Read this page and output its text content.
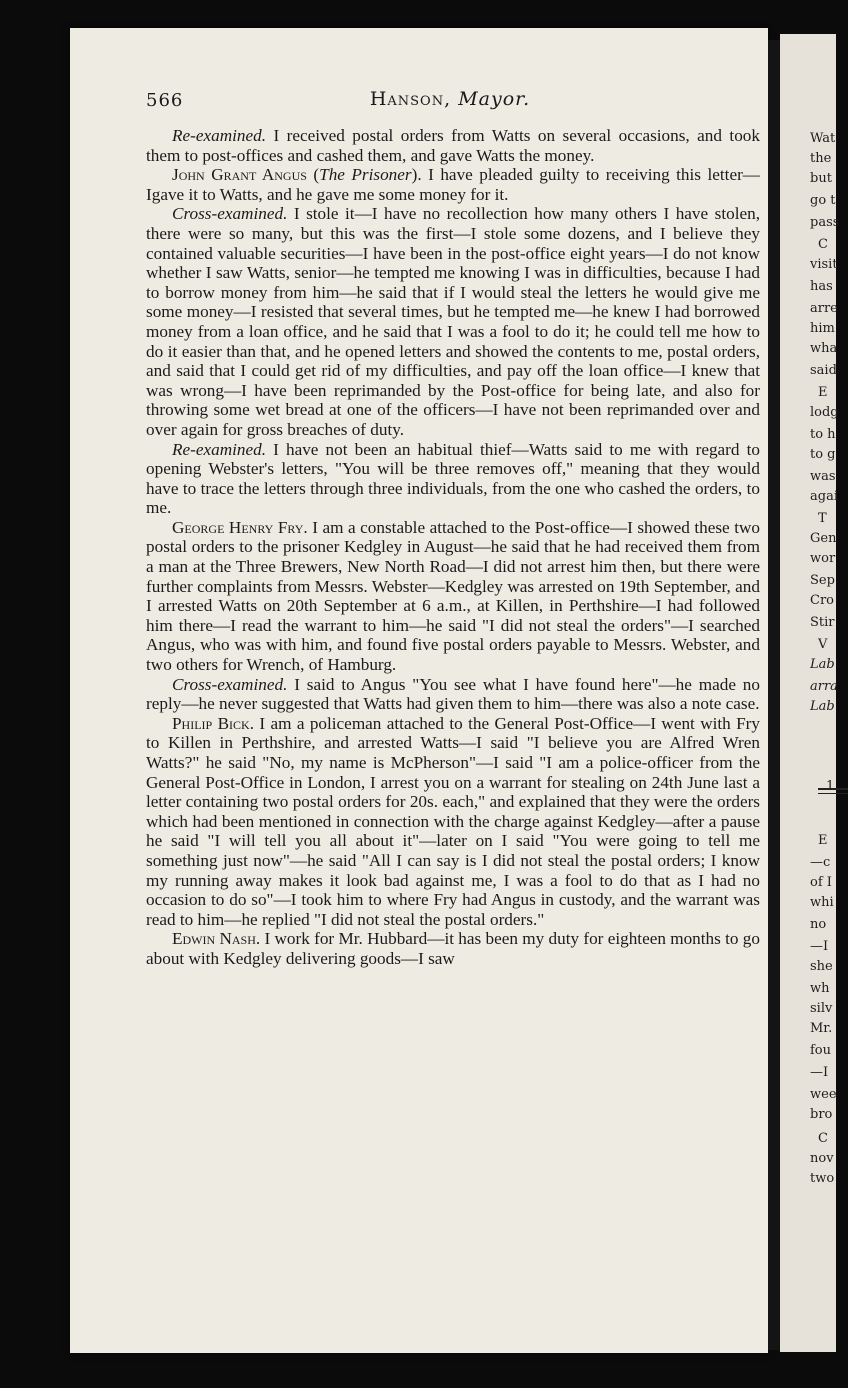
Wat
the
but
go t
pass
C
visit
has
arre
him
wha
said
E
lodg
to h
to g
was
agai
T
Gen
wor
Sep
Cro
Stir
V
Lab
arra
Lab
1
E
—c
of I
whi
no
—I
she
wh
silv
Mr.
fou
—I
wee
bro
C
nov
two
566	Hanson, Mayor.

Re-examined. I received postal orders from Watts on several occasions, and took them to post-offices and cashed them, and gave Watts the money.

John Grant Angus (The Prisoner). I have pleaded guilty to receiving this letter—Igave it to Watts, and he gave me some money for it.

Cross-examined. I stole it—I have no recollection how many others I have stolen, there were so many, but this was the first—I stole some dozens, and I believe they contained valuable securities—I have been in the post-office eight years—I do not know whether I saw Watts, senior—he tempted me knowing I was in difficulties, because I had to borrow money from him—he said that if I would steal the letters he would give me some money—I resisted that several times, but he tempted me—he knew I had borrowed money from a loan office, and he said that I was a fool to do it; he could tell me how to do it easier than that, and he opened letters and showed the contents to me, postal orders, and said that I could get rid of my difficulties, and pay off the loan office—I knew that was wrong—I have been reprimanded by the Post-office for being late, and also for throwing some wet bread at one of the officers—I have not been reprimanded over and over again for gross breaches of duty.

Re-examined. I have not been an habitual thief—Watts said to me with regard to opening Webster's letters, "You will be three removes off," meaning that they would have to trace the letters through three individuals, from the one who cashed the orders, to me.

George Henry Fry. I am a constable attached to the Post-office—I showed these two postal orders to the prisoner Kedgley in August—he said that he had received them from a man at the Three Brewers, New North Road—I did not arrest him then, but there were further complaints from Messrs. Webster—Kedgley was arrested on 19th September, and I arrested Watts on 20th September at 6 a.m., at Killen, in Perthshire—I had followed him there—I read the warrant to him—he said "I did not steal the orders"—I searched Angus, who was with him, and found five postal orders payable to Messrs. Webster, and two others for Wrench, of Hamburg.

Cross-examined. I said to Angus "You see what I have found here"—he made no reply—he never suggested that Watts had given them to him—there was also a note case.

Philip Bick. I am a policeman attached to the General Post-Office—I went with Fry to Killen in Perthshire, and arrested Watts—I said "I believe you are Alfred Wren Watts?" he said "No, my name is McPherson"—I said "I am a police-officer from the General Post-Office in London, I arrest you on a warrant for stealing on 24th June last a letter containing two postal orders for 20s. each," and explained that they were the orders which had been mentioned in connection with the charge against Kedgley—after a pause he said "I will tell you all about it"—later on I said "You were going to tell me something just now"—he said "All I can say is I did not steal the postal orders; I know my running away makes it look bad against me, I was a fool to do that as I had no occasion to do so"—I took him to where Fry had Angus in custody, and the warrant was read to him—he replied "I did not steal the postal orders."

Edwin Nash. I work for Mr. Hubbard—it has been my duty for eighteen months to go about with Kedgley delivering goods—I saw
